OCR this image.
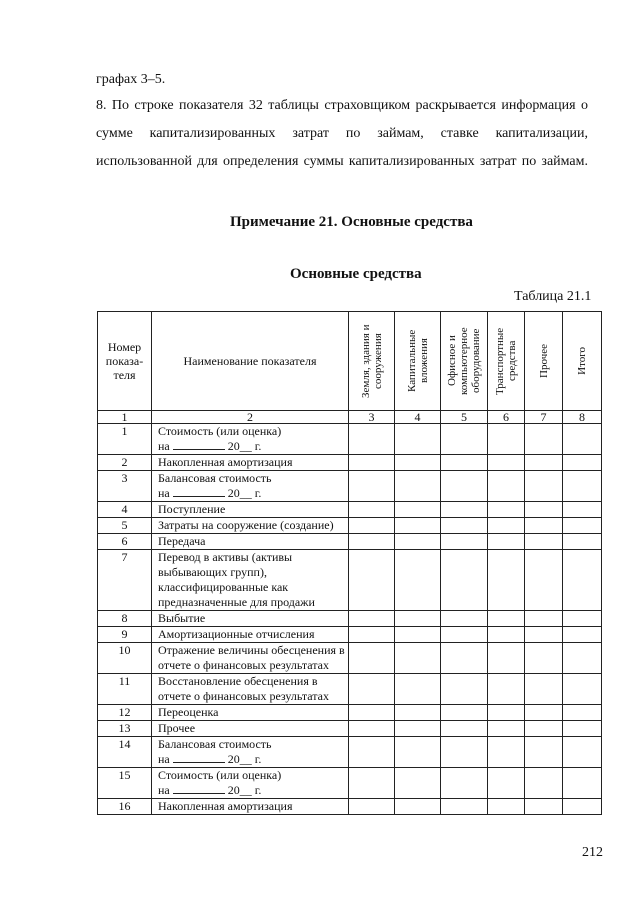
графах 3–5.
8. По строке показателя 32 таблицы страховщиком раскрывается информация о сумме капитализированных затрат по займам, ставке капитализации, использованной для определения суммы капитализированных затрат по займам.
Примечание 21. Основные средства
Основные средства
Таблица 21.1
Номер показа-теля	Наименование показателя	Земля, здания и сооружения	Капитальные вложения	Офисное и компьютерное оборудование	Транспортные средства	Прочее	Итого

1	2	3	4	5	6	7	8
1	Стоимость (или оценка)
на 20__ г.						

2	Накопленная амортизация						

3	Балансовая стоимость
на 20__ г.						

4	Поступление						

5	Затраты на сооружение (создание)						

6	Передача						

7	Перевод в активы (активы выбывающих групп), классифицированные как предназначенные для продажи						

8	Выбытие						

9	Амортизационные отчисления						

10	Отражение величины обесценения в отчете о финансовых результатах						

11	Восстановление обесценения в отчете о финансовых результатах						

12	Переоценка						

13	Прочее						

14	Балансовая стоимость
на 20__ г.						

15	Стоимость (или оценка)
на 20__ г.						

16	Накопленная амортизация						

212
